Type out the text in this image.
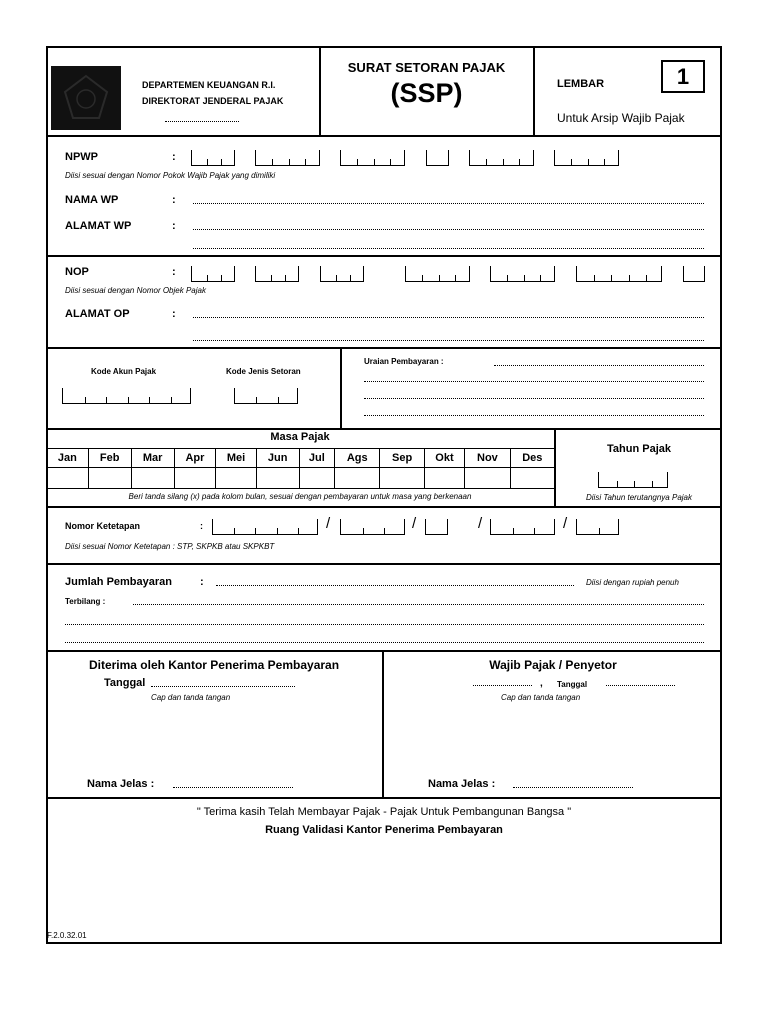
DEPARTEMEN KEUANGAN R.I.
DIREKTORAT JENDERAL PAJAK
SURAT SETORAN PAJAK
(SSP)	LEMBAR	1
Untuk Arsip Wajib Pajak
NPWP	:
Diisi sesuai dengan Nomor Pokok Wajib Pajak yang dimiliki
NAMA WP	:
ALAMAT WP	:
NOP	:
Diisi sesuai dengan Nomor Objek Pajak
ALAMAT OP	:
Kode Akun Pajak	Kode Jenis Setoran
Uraian Pembayaran :
Masa Pajak
Jan	Feb	Mar	Apr	Mei	Jun	Jul	Ags	Sep	Okt	Nov	Des

Beri tanda silang (x) pada kolom bulan, sesuai dengan pembayaran untuk masa yang berkenaan
Tahun Pajak
Diisi Tahun terutangnya Pajak
Nomor Ketetapan	:	/	/	/	/
Diisi sesuai Nomor Ketetapan : STP, SKPKB atau SKPKBT
Jumlah Pembayaran	:	Diisi dengan rupiah penuh
Terbilang :
Diterima oleh Kantor Penerima Pembayaran
Tanggal
Cap dan tanda tangan
Nama Jelas :
Wajib Pajak / Penyetor
, Tanggal
Cap dan tanda tangan
Nama Jelas :
" Terima kasih Telah Membayar Pajak - Pajak Untuk Pembangunan Bangsa "
Ruang Validasi Kantor Penerima Pembayaran
F.2.0.32.01
